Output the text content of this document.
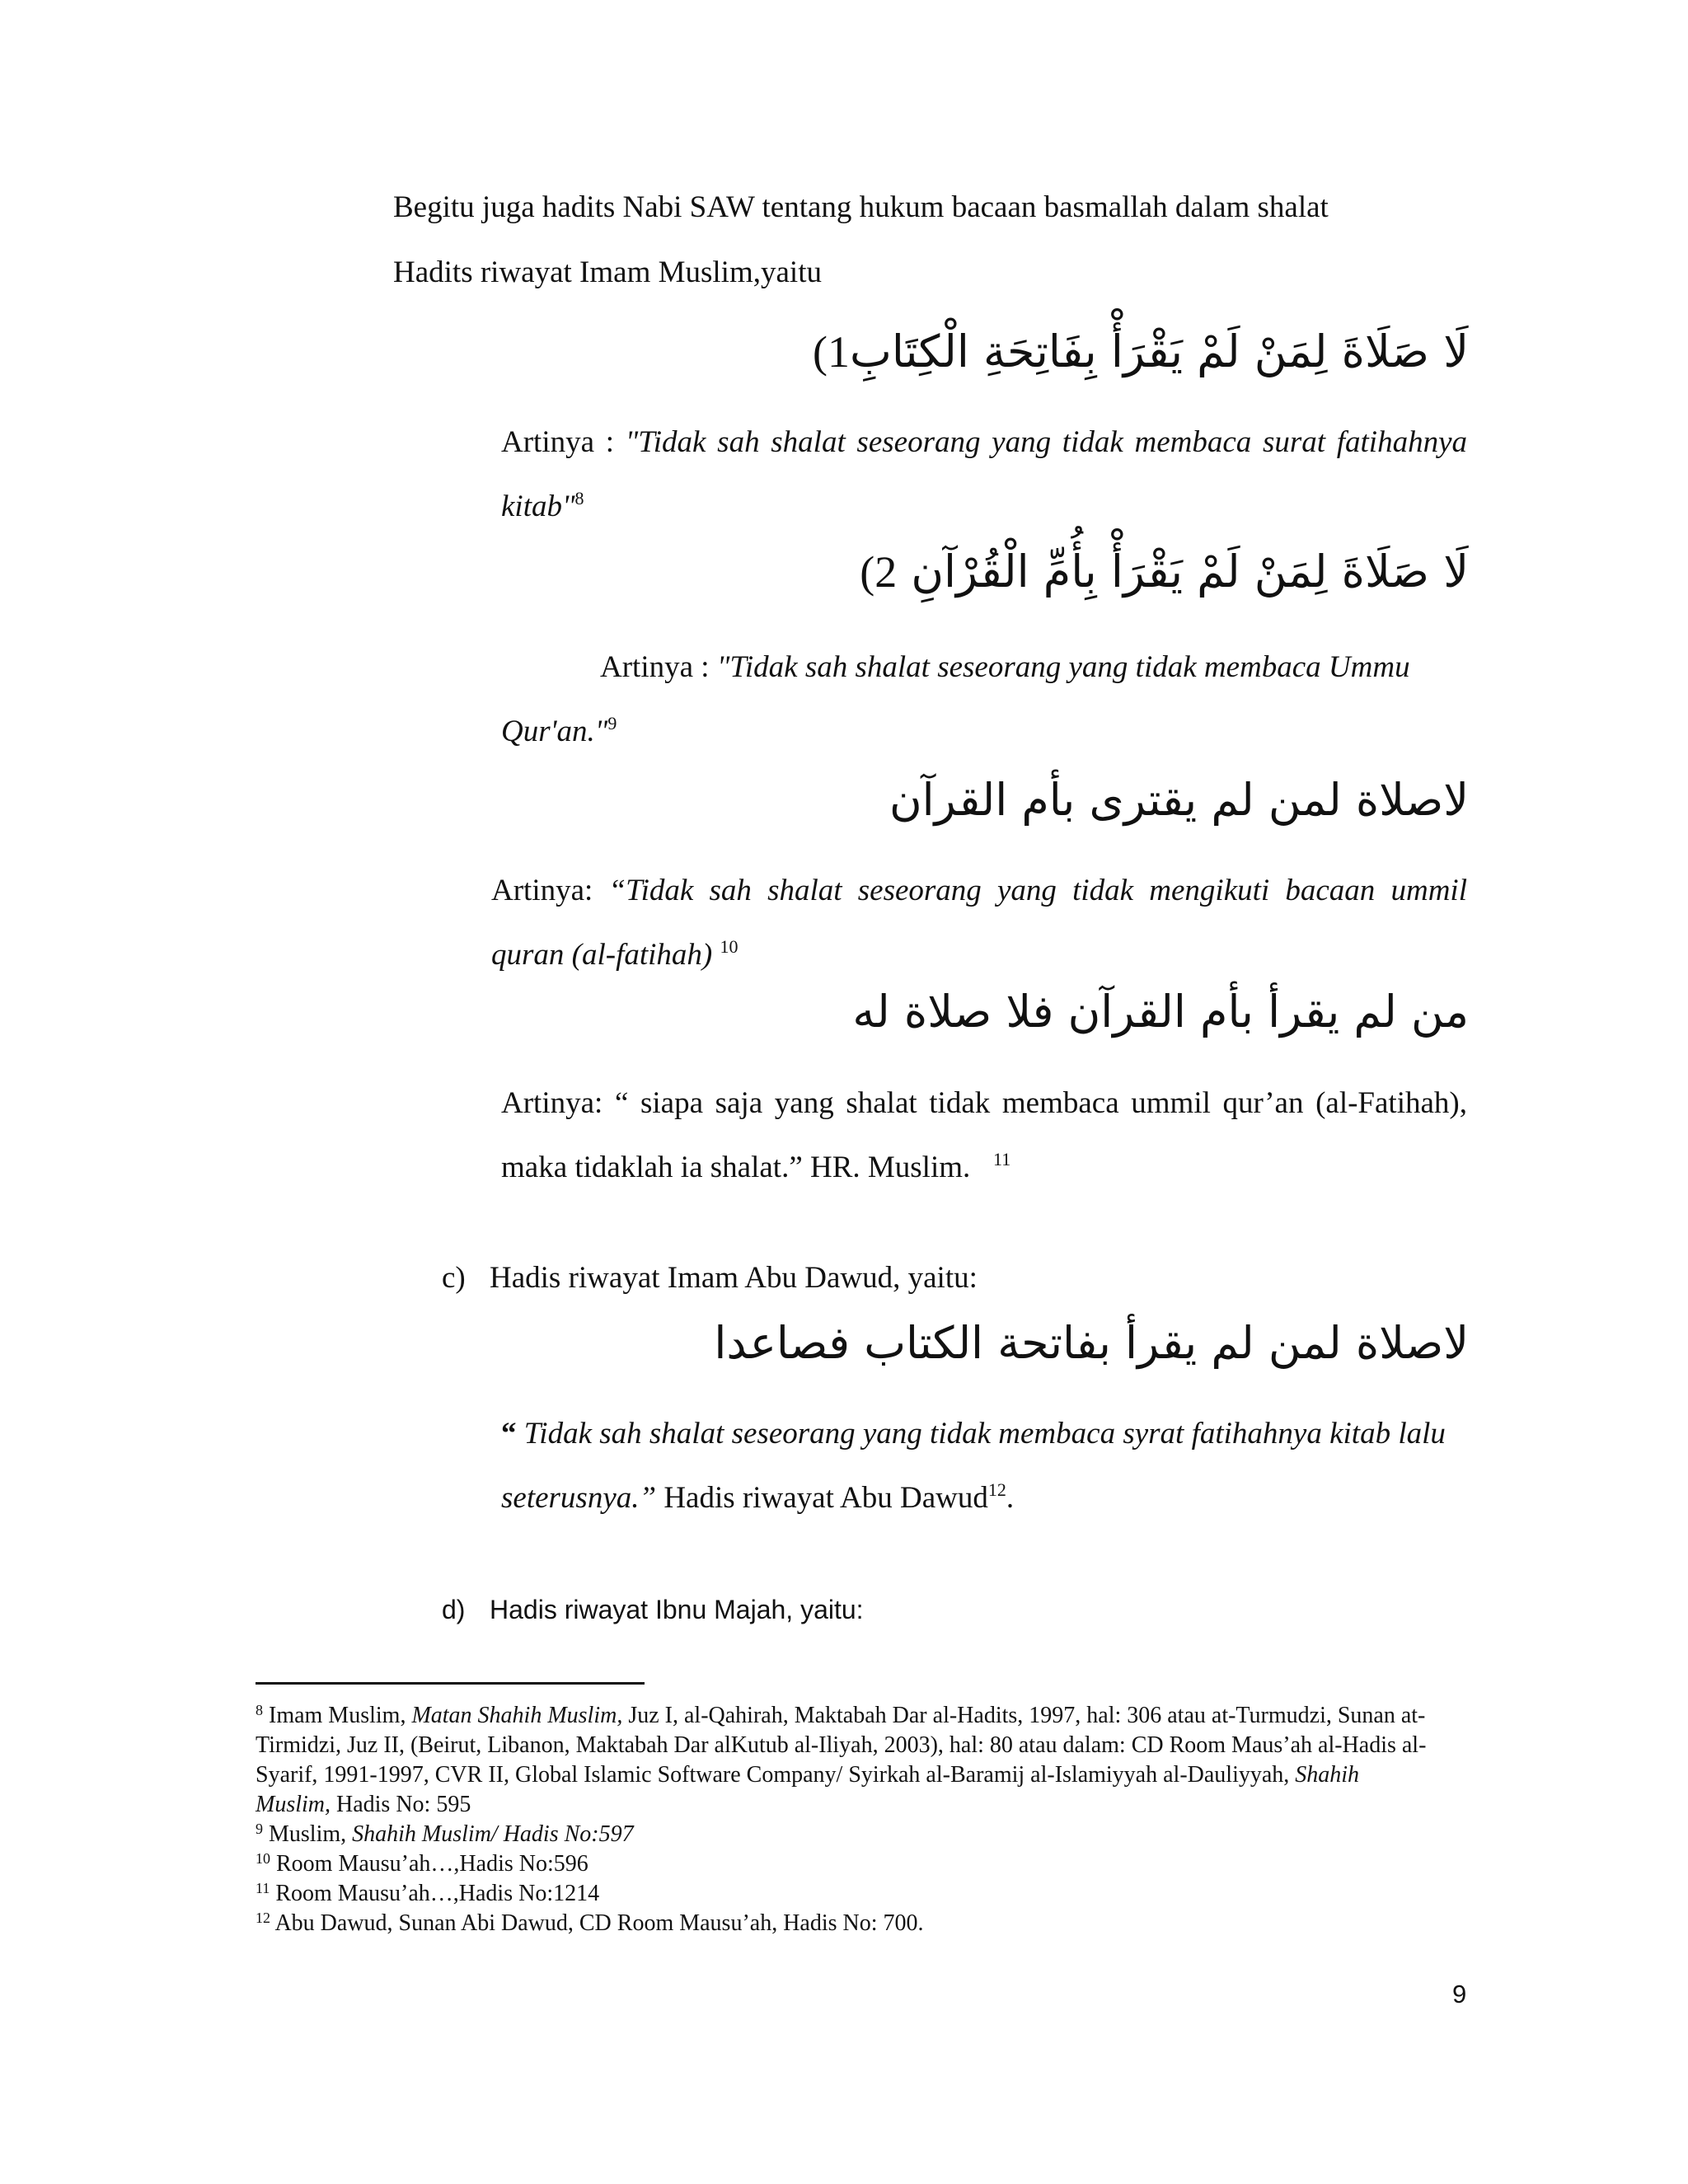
Begitu juga hadits Nabi SAW tentang hukum bacaan basmallah dalam shalat

Hadits riwayat Imam Muslim,yaitu

لَا صَلَاةَ لِمَنْ لَمْ يَقْرَأْ بِفَاتِحَةِ الْكِتَابِ1)
Artinya : "Tidak sah shalat seseorang yang tidak membaca surat fatihahnya kitab"$^8$
لَا صَلَاةَ لِمَنْ لَمْ يَقْرَأْ بِأُمِّ الْقُرْآنِ 2)
Artinya : "Tidak sah shalat seseorang yang tidak membaca Ummu
Qur'an."$^9$
لاصلاة لمن لم يقترى بأم القرآن
Artinya: “Tidak sah shalat seseorang yang tidak mengikuti bacaan ummil quran (al-fatihah) $^{10}$
من لم يقرأ بأم القرآن فلا صلاة له
Artinya: “ siapa saja yang shalat tidak membaca ummil qur’an (al-Fatihah), maka tidaklah ia shalat.” HR. Muslim. $^{11}$
c) Hadis riwayat Imam Abu Dawud, yaitu:
لاصلاة لمن لم يقرأ بفاتحة الكتاب فصاعدا
“ Tidak sah shalat seseorang yang tidak membaca syrat fatihahnya kitab lalu seterusnya.” Hadis riwayat Abu Dawud$^{12}$.
d) Hadis riwayat Ibnu Majah, yaitu:

$^8$ Imam Muslim, Matan Shahih Muslim, Juz I, al-Qahirah, Maktabah Dar al-Hadits, 1997, hal: 306 atau at-Turmudzi, Sunan at-Tirmidzi, Juz II, (Beirut, Libanon, Maktabah Dar alKutub al-Iliyah, 2003), hal: 80 atau dalam: CD Room Maus’ah al-Hadis al-Syarif, 1991-1997, CVR II, Global Islamic Software Company/ Syirkah al-Baramij al-Islamiyyah al-Dauliyyah, Shahih Muslim, Hadis No: 595

$^9$ Muslim, Shahih Muslim/ Hadis No:597

$^{10}$ Room Mausu’ah…,Hadis No:596

$^{11}$ Room Mausu’ah…,Hadis No:1214

$^{12}$ Abu Dawud, Sunan Abi Dawud, CD Room Mausu’ah, Hadis No: 700.

9
